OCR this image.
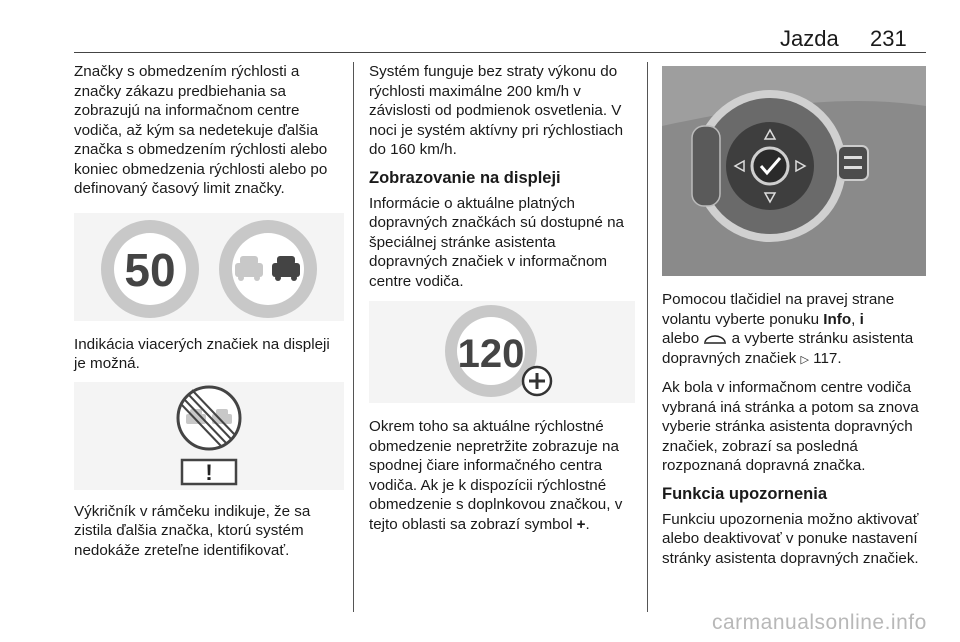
Jazda 231

Značky s obmedzením rýchlosti a značky zákazu predbiehania sa zobrazujú na informačnom centre vodiča, až kým sa nedetekuje ďalšia značka s obmedzením rýchlosti alebo koniec obmedzenia rýchlosti alebo po definovaný časový limit značky.

50

Indikácia viacerých značiek na displeji je možná.

!

Výkričník v rámčeku indikuje, že sa zistila ďalšia značka, ktorú systém nedokáže zreteľne identifikovať.

Systém funguje bez straty výkonu do rýchlosti maximálne 200 km/h v závislosti od podmienok osvetlenia. V noci je systém aktívny pri rýchlostiach do 160 km/h.

Zobrazovanie na displeji

Informácie o aktuálne platných dopravných značkách sú dostupné na špeciálnej stránke asistenta dopravných značiek v informačnom centre vodiča.

120

Okrem toho sa aktuálne rýchlostné obmedzenie nepretržite zobrazuje na spodnej čiare informačného centra vodiča. Ak je k dispozícii rýchlostné obmedzenie s doplnkovou značkou, v tejto oblasti sa zobrazí symbol +.

Pomocou tlačidiel na pravej strane volantu vyberte ponuku Info, i
alebo a vyberte stránku asistenta dopravných značiek ▷ 117.

Ak bola v informačnom centre vodiča vybraná iná stránka a potom sa znova vyberie stránka asistenta dopravných značiek, zobrazí sa posledná rozpoznaná dopravná značka.

Funkcia upozornenia

Funkciu upozornenia možno aktivovať alebo deaktivovať v ponuke nastavení stránky asistenta dopravných značiek.

carmanualsonline.info
